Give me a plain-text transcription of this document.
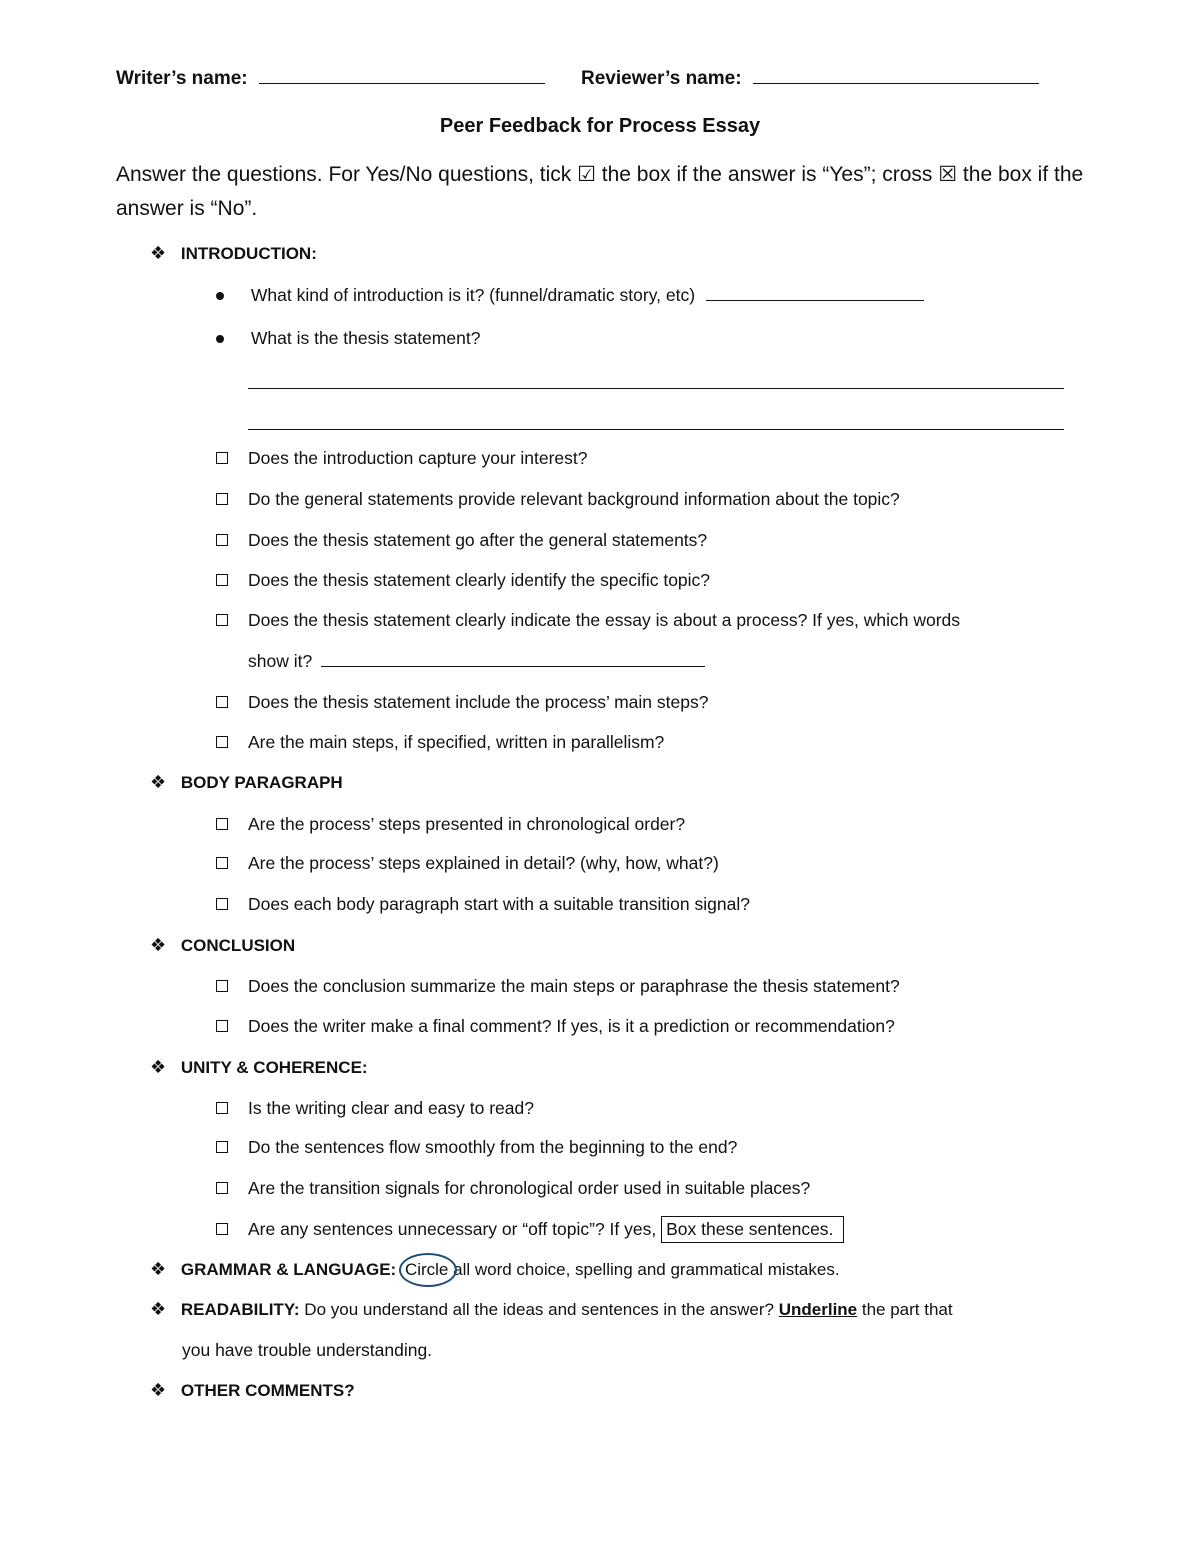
Writer’s name:	Reviewer’s name:
Peer Feedback for Process Essay
Answer the questions. For Yes/No questions, tick ☑ the box if the answer is “Yes”; cross ☒ the box if the answer is “No”.
❖ INTRODUCTION:
What kind of introduction is it? (funnel/dramatic story, etc)
What is the thesis statement?
Does the introduction capture your interest?
Do the general statements provide relevant background information about the topic?
Does the thesis statement go after the general statements?
Does the thesis statement clearly identify the specific topic?
Does the thesis statement clearly indicate the essay is about a process? If yes, which words
show it?
Does the thesis statement include the process’ main steps?
Are the main steps, if specified, written in parallelism?
❖ BODY PARAGRAPH
Are the process’ steps presented in chronological order?
Are the process’ steps explained in detail? (why, how, what?)
Does each body paragraph start with a suitable transition signal?
❖ CONCLUSION
Does the conclusion summarize the main steps or paraphrase the thesis statement?
Does the writer make a final comment? If yes, is it a prediction or recommendation?
❖ UNITY & COHERENCE:
Is the writing clear and easy to read?
Do the sentences flow smoothly from the beginning to the end?
Are the transition signals for chronological order used in suitable places?
Are any sentences unnecessary or “off topic”? If yes, Box these sentences.
❖ GRAMMAR & LANGUAGE: Circle all word choice, spelling and grammatical mistakes.
❖ READABILITY: Do you understand all the ideas and sentences in the answer? Underline the part that
you have trouble understanding.
❖ OTHER COMMENTS?
